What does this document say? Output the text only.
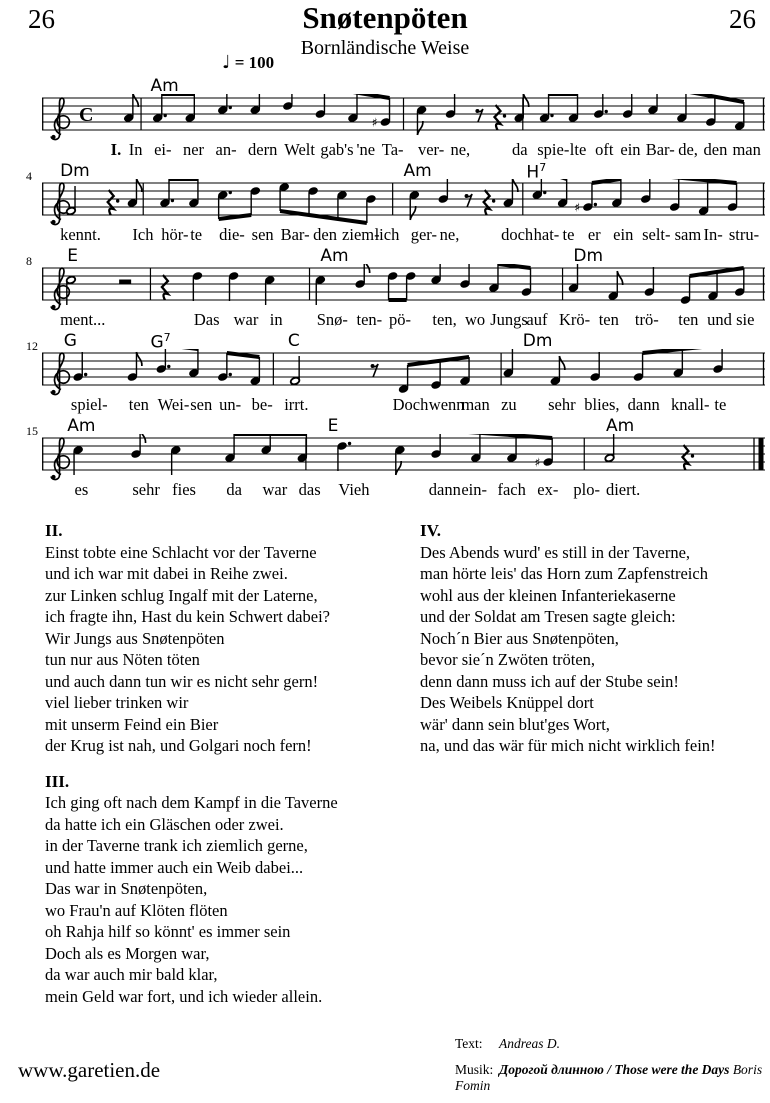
26	26
Snøtenpöten
Bornländische Weise
♩ = 100
Am
C	♯
I. In ei- ner an- dern Welt gab's 'ne Ta- ver- ne,	da spie- lte oft ein Bar- de, den man
4 Dm	Am	$H^7$
♯
kennt. Ich hör- te die- sen Bar- den ziem-
lich ger- ne,	doch hat- te er ein selt- sam In- stru-
8 E	Am	Dm
ment...	Das war in Snø- ten- pö- ten, wo Jungs
auf Krö- ten trö- ten und sie
12 G	$G^7$	C	Dm
spiel- ten Wei- sen un- be- irrt.	Doch wenn
man zu sehr blies, dann knall- te
15 Am	E	Am
♯
es	sehr fies da war das Vieh	dann ein- fach ex- plo- diert.
II.
Einst tobte eine Schlacht vor der Taverne
und ich war mit dabei in Reihe zwei.
zur Linken schlug Ingalf mit der Laterne,
ich fragte ihn, Hast du kein Schwert dabei?
Wir Jungs aus Snøtenpöten
tun nur aus Nöten töten
und auch dann tun wir es nicht sehr gern!
viel lieber trinken wir
mit unserm Feind ein Bier
der Krug ist nah, und Golgari noch fern!
III.
Ich ging oft nach dem Kampf in die Taverne
da hatte ich ein Gläschen oder zwei.
in der Taverne trank ich ziemlich gerne,
und hatte immer auch ein Weib dabei...
Das war in Snøtenpöten,
wo Frau'n auf Klöten flöten
oh Rahja hilf so könnt' es immer sein
Doch als es Morgen war,
da war auch mir bald klar,
mein Geld war fort, und ich wieder allein.
IV.
Des Abends wurd' es still in der Taverne,
man hörte leis' das Horn zum Zapfenstreich
wohl aus der kleinen Infanteriekaserne
und der Soldat am Tresen sagte gleich:
Noch´n Bier aus Snøtenpöten,
bevor sie´n Zwöten tröten,
denn dann muss ich auf der Stube sein!
Des Weibels Knüppel dort
wär' dann sein blut'ges Wort,
na, und das wär für mich nicht wirklich fein!
www.garetien.de
Text: Andreas D.
Musik: Дорогой длинною / Those were the Days Boris Fomin
